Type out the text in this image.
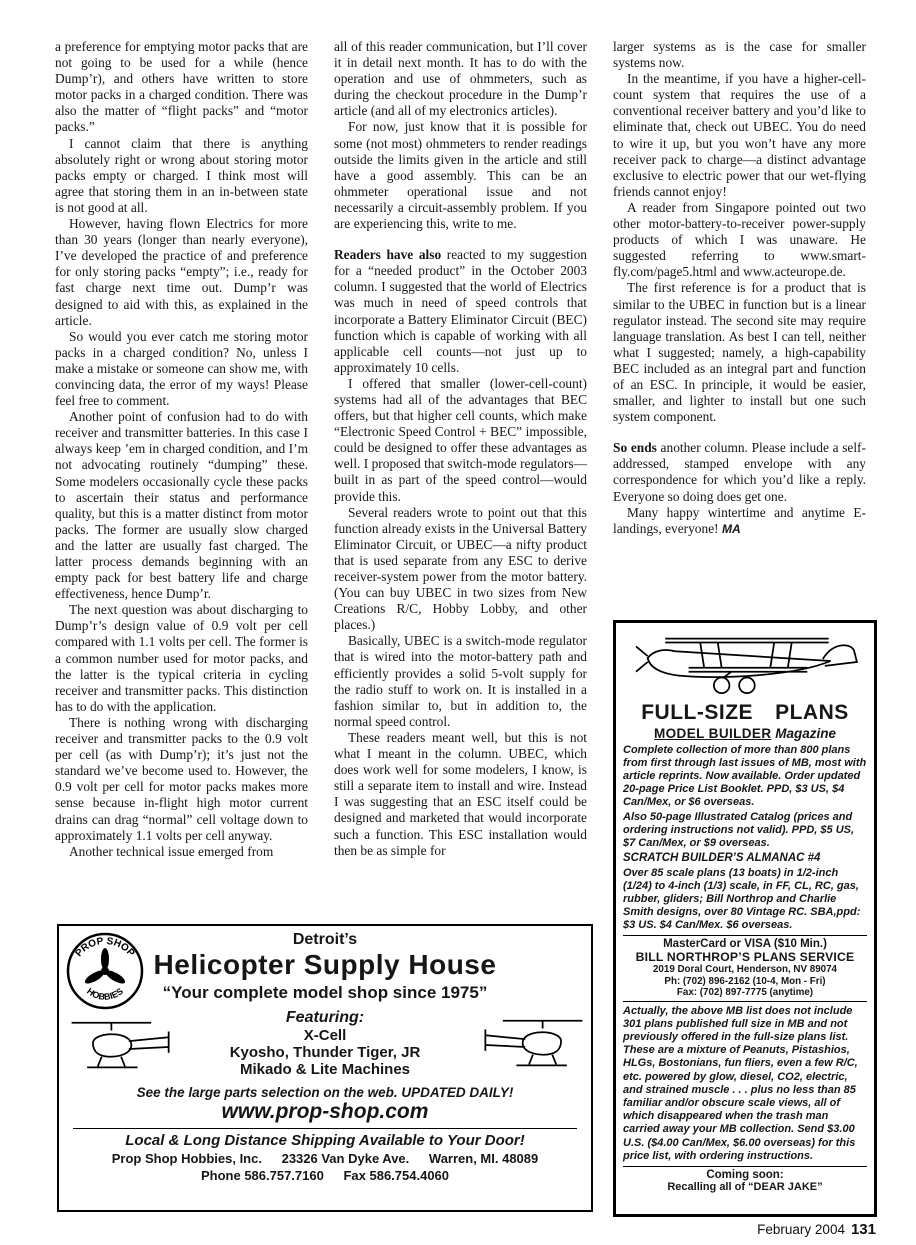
a preference for emptying motor packs that are not going to be used for a while (hence Dump’r), and others have written to store motor packs in a charged condition. There was also the matter of “flight packs” and “motor packs.”

I cannot claim that there is anything absolutely right or wrong about storing motor packs empty or charged. I think most will agree that storing them in an in-between state is not good at all.

However, having flown Electrics for more than 30 years (longer than nearly everyone), I’ve developed the practice of and preference for only storing packs “empty”; i.e., ready for fast charge next time out. Dump’r was designed to aid with this, as explained in the article.

So would you ever catch me storing motor packs in a charged condition? No, unless I make a mistake or someone can show me, with convincing data, the error of my ways! Please feel free to comment.

Another point of confusion had to do with receiver and transmitter batteries. In this case I always keep ’em in charged condition, and I’m not advocating routinely “dumping” these. Some modelers occasionally cycle these packs to ascertain their status and performance quality, but this is a matter distinct from motor packs. The former are usually slow charged and the latter are usually fast charged. The latter process demands beginning with an empty pack for best battery life and charge effectiveness, hence Dump’r.

The next question was about discharging to Dump’r’s design value of 0.9 volt per cell compared with 1.1 volts per cell. The former is a common number used for motor packs, and the latter is the typical criteria in cycling receiver and transmitter packs. This distinction has to do with the application.

There is nothing wrong with discharging receiver and transmitter packs to the 0.9 volt per cell (as with Dump’r); it’s just not the standard we’ve become used to. However, the 0.9 volt per cell for motor packs makes more sense because in-flight high motor current drains can drag “normal” cell voltage down to approximately 1.1 volts per cell anyway.

Another technical issue emerged from

all of this reader communication, but I’ll cover it in detail next month. It has to do with the operation and use of ohmmeters, such as during the checkout procedure in the Dump’r article (and all of my electronics articles).

For now, just know that it is possible for some (not most) ohmmeters to render readings outside the limits given in the article and still have a good assembly. This can be an ohmmeter operational issue and not necessarily a circuit-assembly problem. If you are experiencing this, write to me.

Readers have also reacted to my suggestion for a “needed product” in the October 2003 column. I suggested that the world of Electrics was much in need of speed controls that incorporate a Battery Eliminator Circuit (BEC) function which is capable of working with all applicable cell counts—not just up to approximately 10 cells.

I offered that smaller (lower-cell-count) systems had all of the advantages that BEC offers, but that higher cell counts, which make “Electronic Speed Control + BEC” impossible, could be designed to offer these advantages as well. I proposed that switch-mode regulators—built in as part of the speed control—would provide this.

Several readers wrote to point out that this function already exists in the Universal Battery Eliminator Circuit, or UBEC—a nifty product that is used separate from any ESC to derive receiver-system power from the motor battery. (You can buy UBEC in two sizes from New Creations R/C, Hobby Lobby, and other places.)

Basically, UBEC is a switch-mode regulator that is wired into the motor-battery path and efficiently provides a solid 5-volt supply for the radio stuff to work on. It is installed in a fashion similar to, but in addition to, the normal speed control.

These readers meant well, but this is not what I meant in the column. UBEC, which does work well for some modelers, I know, is still a separate item to install and wire. Instead I was suggesting that an ESC itself could be designed and marketed that would incorporate such a function. This ESC installation would then be as simple for

larger systems as is the case for smaller systems now.

In the meantime, if you have a higher-cell-count system that requires the use of a conventional receiver battery and you’d like to eliminate that, check out UBEC. You do need to wire it up, but you won’t have any more receiver pack to charge—a distinct advantage exclusive to electric power that our wet-flying friends cannot enjoy!

A reader from Singapore pointed out two other motor-battery-to-receiver power-supply products of which I was unaware. He suggested referring to www.smart-fly.com/page5.html and www.acteurope.de.

The first reference is for a product that is similar to the UBEC in function but is a linear regulator instead. The second site may require language translation. As best I can tell, neither what I suggested; namely, a high-capability BEC included as an integral part and function of an ESC. In principle, it would be easier, smaller, and lighter to install but one such system component.

So ends another column. Please include a self-addressed, stamped envelope with any correspondence for which you’d like a reply. Everyone so doing does get one.

Many happy wintertime and anytime E-landings, everyone! MA

PROP SHOP
HOBBIES
Detroit’s
Helicopter Supply House
“Your complete model shop since 1975”
Featuring:
X-Cell
Kyosho, Thunder Tiger, JR
Mikado & Lite Machines
See the large parts selection on the web. UPDATED DAILY!
www.prop-shop.com
Local & Long Distance Shipping Available to Your Door!
Prop Shop Hobbies, Inc. 23326 Van Dyke Ave. Warren, MI. 48089
Phone 586.757.7160 Fax 586.754.4060
FULL-SIZE PLANS
MODEL BUILDER Magazine

Complete collection of more than 800 plans from first through last issues of MB, most with article reprints. Now available. Order updated 20-page Price List Booklet. PPD, $3 US, $4 Can/Mex, or $6 overseas.

Also 50-page Illustrated Catalog (prices and ordering instructions not valid). PPD, $5 US, $7 Can/Mex, or $9 overseas.

SCRATCH BUILDER’S ALMANAC #4

Over 85 scale plans (13 boats) in 1/2-inch (1/24) to 4-inch (1/3) scale, in FF, CL, RC, gas, rubber, gliders; Bill Northrop and Charlie Smith designs, over 80 Vintage RC. SBA,ppd: $3 US. $4 Can/Mex. $6 overseas.

MasterCard or VISA ($10 Min.)
BILL NORTHROP’S PLANS SERVICE
2019 Doral Court, Henderson, NV 89074
Ph: (702) 896-2162 (10-4, Mon - Fri)
Fax: (702) 897-7775 (anytime)

Actually, the above MB list does not include 301 plans published full size in MB and not previously offered in the full-size plans list. These are a mixture of Peanuts, Pistashios, HLGs, Bostonians, fun fliers, even a few R/C, etc. powered by glow, diesel, CO2, electric, and strained muscle . . . plus no less than 85 familiar and/or obscure scale views, all of which disappeared when the trash man carried away your MB collection. Send $3.00 U.S. ($4.00 Can/Mex, $6.00 overseas) for this price list, with ordering instructions.

Coming soon:
Recalling all of “DEAR JAKE”
February 2004 131
